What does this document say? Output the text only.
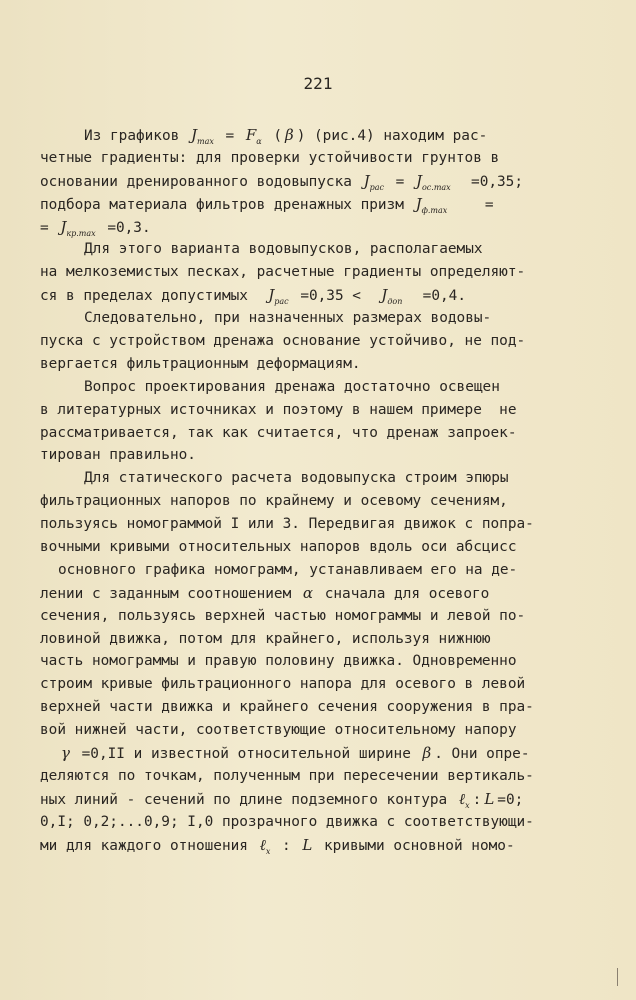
221
Из графиков $J_{max} = F_\alpha$ ( β ) (рис.4) находим рас-
четные градиенты: для проверки устойчивости грунтов в
основании дренированного водовыпуска $J_{рас} = J_{ос.max} =0,35$;
подбора материала фильтров дренажных призм $J_{ф.max}$    =
= $J_{кр.max} =0,3$.
Для этого варианта водовыпусков, располагаемых
на мелкоземистых песках, расчетные градиенты определяют-
ся в пределах допустимых  $J_{рас} =0,35 < J_{доп} =0,4$.
Следовательно, при назначенных размерах водовы-
пуска с устройством дренажа основание устойчиво, не под-
вергается фильтрационным деформациям.
Вопрос проектирования дренажа достаточно освещен
в литературных источниках и поэтому в нашем примере  не
рассматривается, так как считается, что дренаж запроек-
тирован правильно.
Для статического расчета водовыпуска строим эпюры
фильтрационных напоров по крайнему и осевому сечениям,
пользуясь номограммой I или 3. Передвигая движок с попра-
вочными кривыми относительных напоров вдоль оси абсцисс
основного графика номограмм, устанавливаем его на де-
лении с заданным соотношением α сначала для осевого
сечения, пользуясь верхней частью номограммы и левой по-
ловиной движка, потом для крайнего, используя нижнюю
часть номограммы и правую половину движка. Одновременно
строим кривые фильтрационного напора для осевого в левой
верхней части движка и крайнего сечения сооружения в пра-
вой нижней части, соответствующие относительному напору
γ =0,II и известной относительной ширине β . Они опре-
деляются по точкам, полученным при пересечении вертикаль-
ных линий - сечений по длине подземного контура ℓ$_x$ : L =0;
0,I; 0,2;...0,9; I,0 прозрачного движка с соответствующи-
ми для каждого отношения ℓ$_x$ : L кривыми основной номо-
